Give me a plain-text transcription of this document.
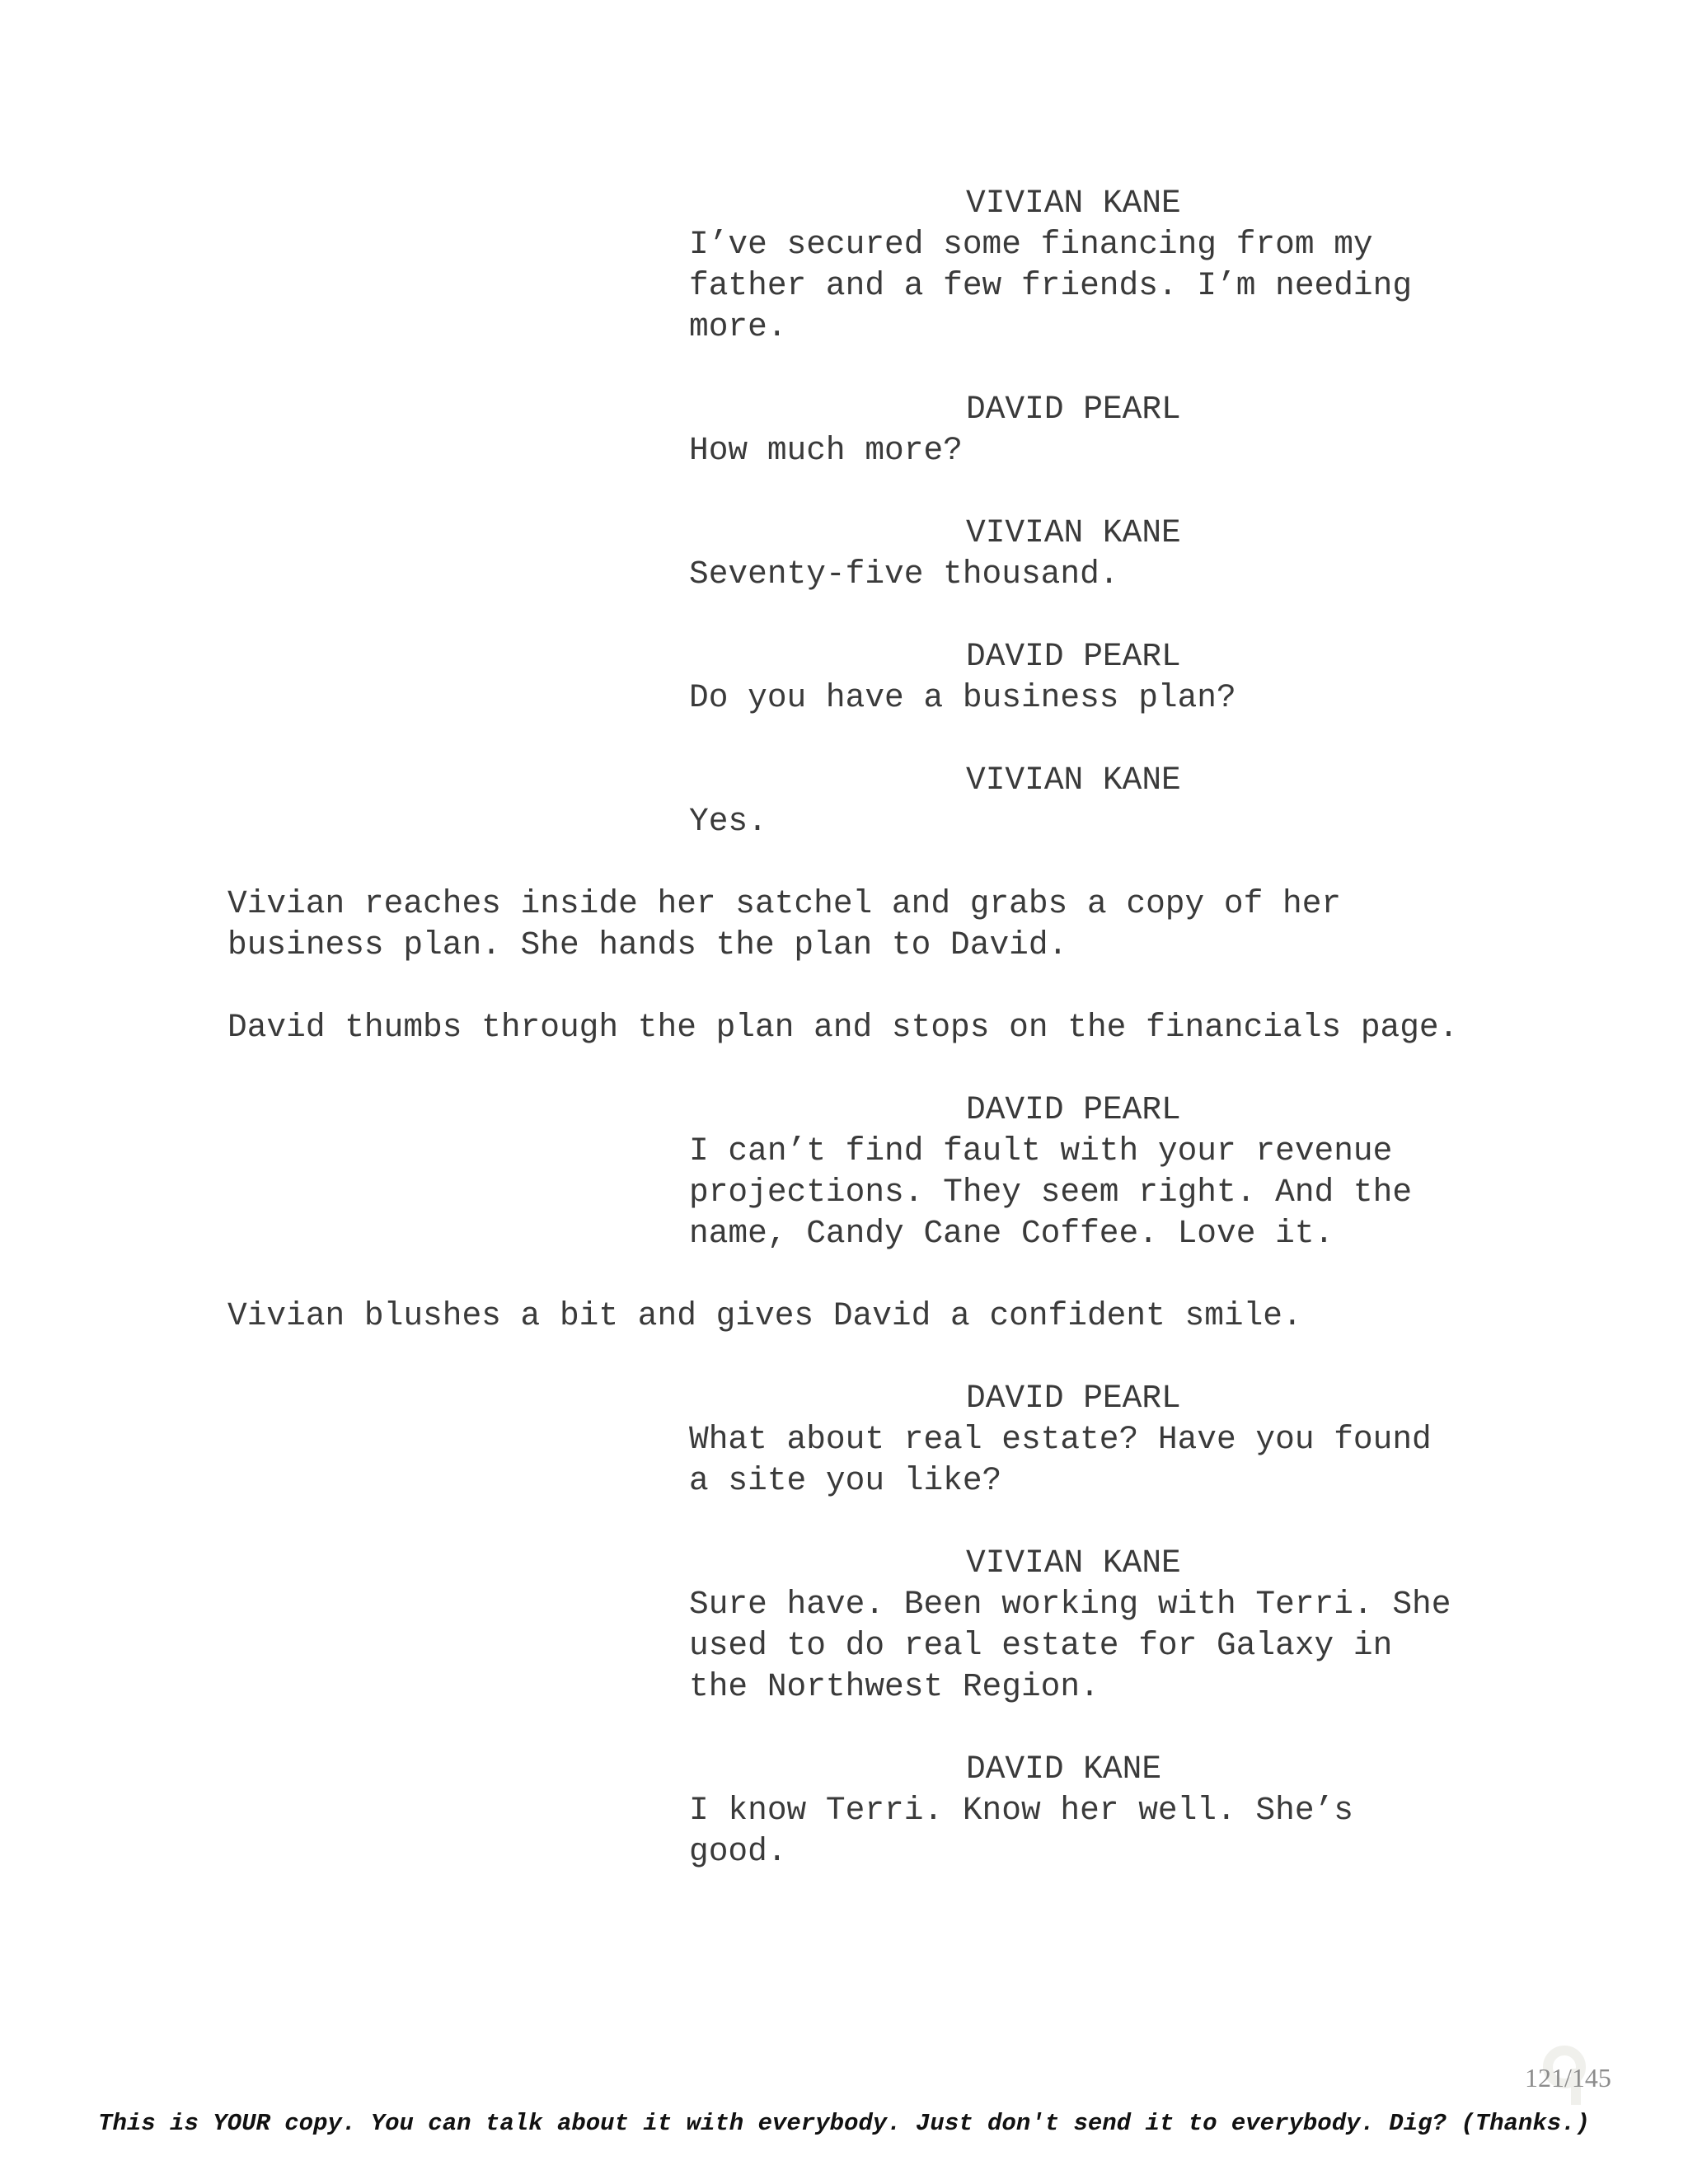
VIVIAN KANE
I’ve secured some financing from my
father and a few friends. I’m needing
more.
DAVID PEARL
How much more?
VIVIAN KANE
Seventy-five thousand.
DAVID PEARL
Do you have a business plan?
VIVIAN KANE
Yes.
Vivian reaches inside her satchel and grabs a copy of her
business plan. She hands the plan to David.
David thumbs through the plan and stops on the financials page.
DAVID PEARL
I can’t find fault with your revenue
projections. They seem right. And the
name, Candy Cane Coffee. Love it.
Vivian blushes a bit and gives David a confident smile.
DAVID PEARL
What about real estate? Have you found
a site you like?
VIVIAN KANE
Sure have. Been working with Terri. She
used to do real estate for Galaxy in
the Northwest Region.
DAVID KANE
I know Terri. Know her well. She’s
good.
121/145
This is YOUR copy. You can talk about it with everybody. Just don't send it to everybody. Dig? (Thanks.)
